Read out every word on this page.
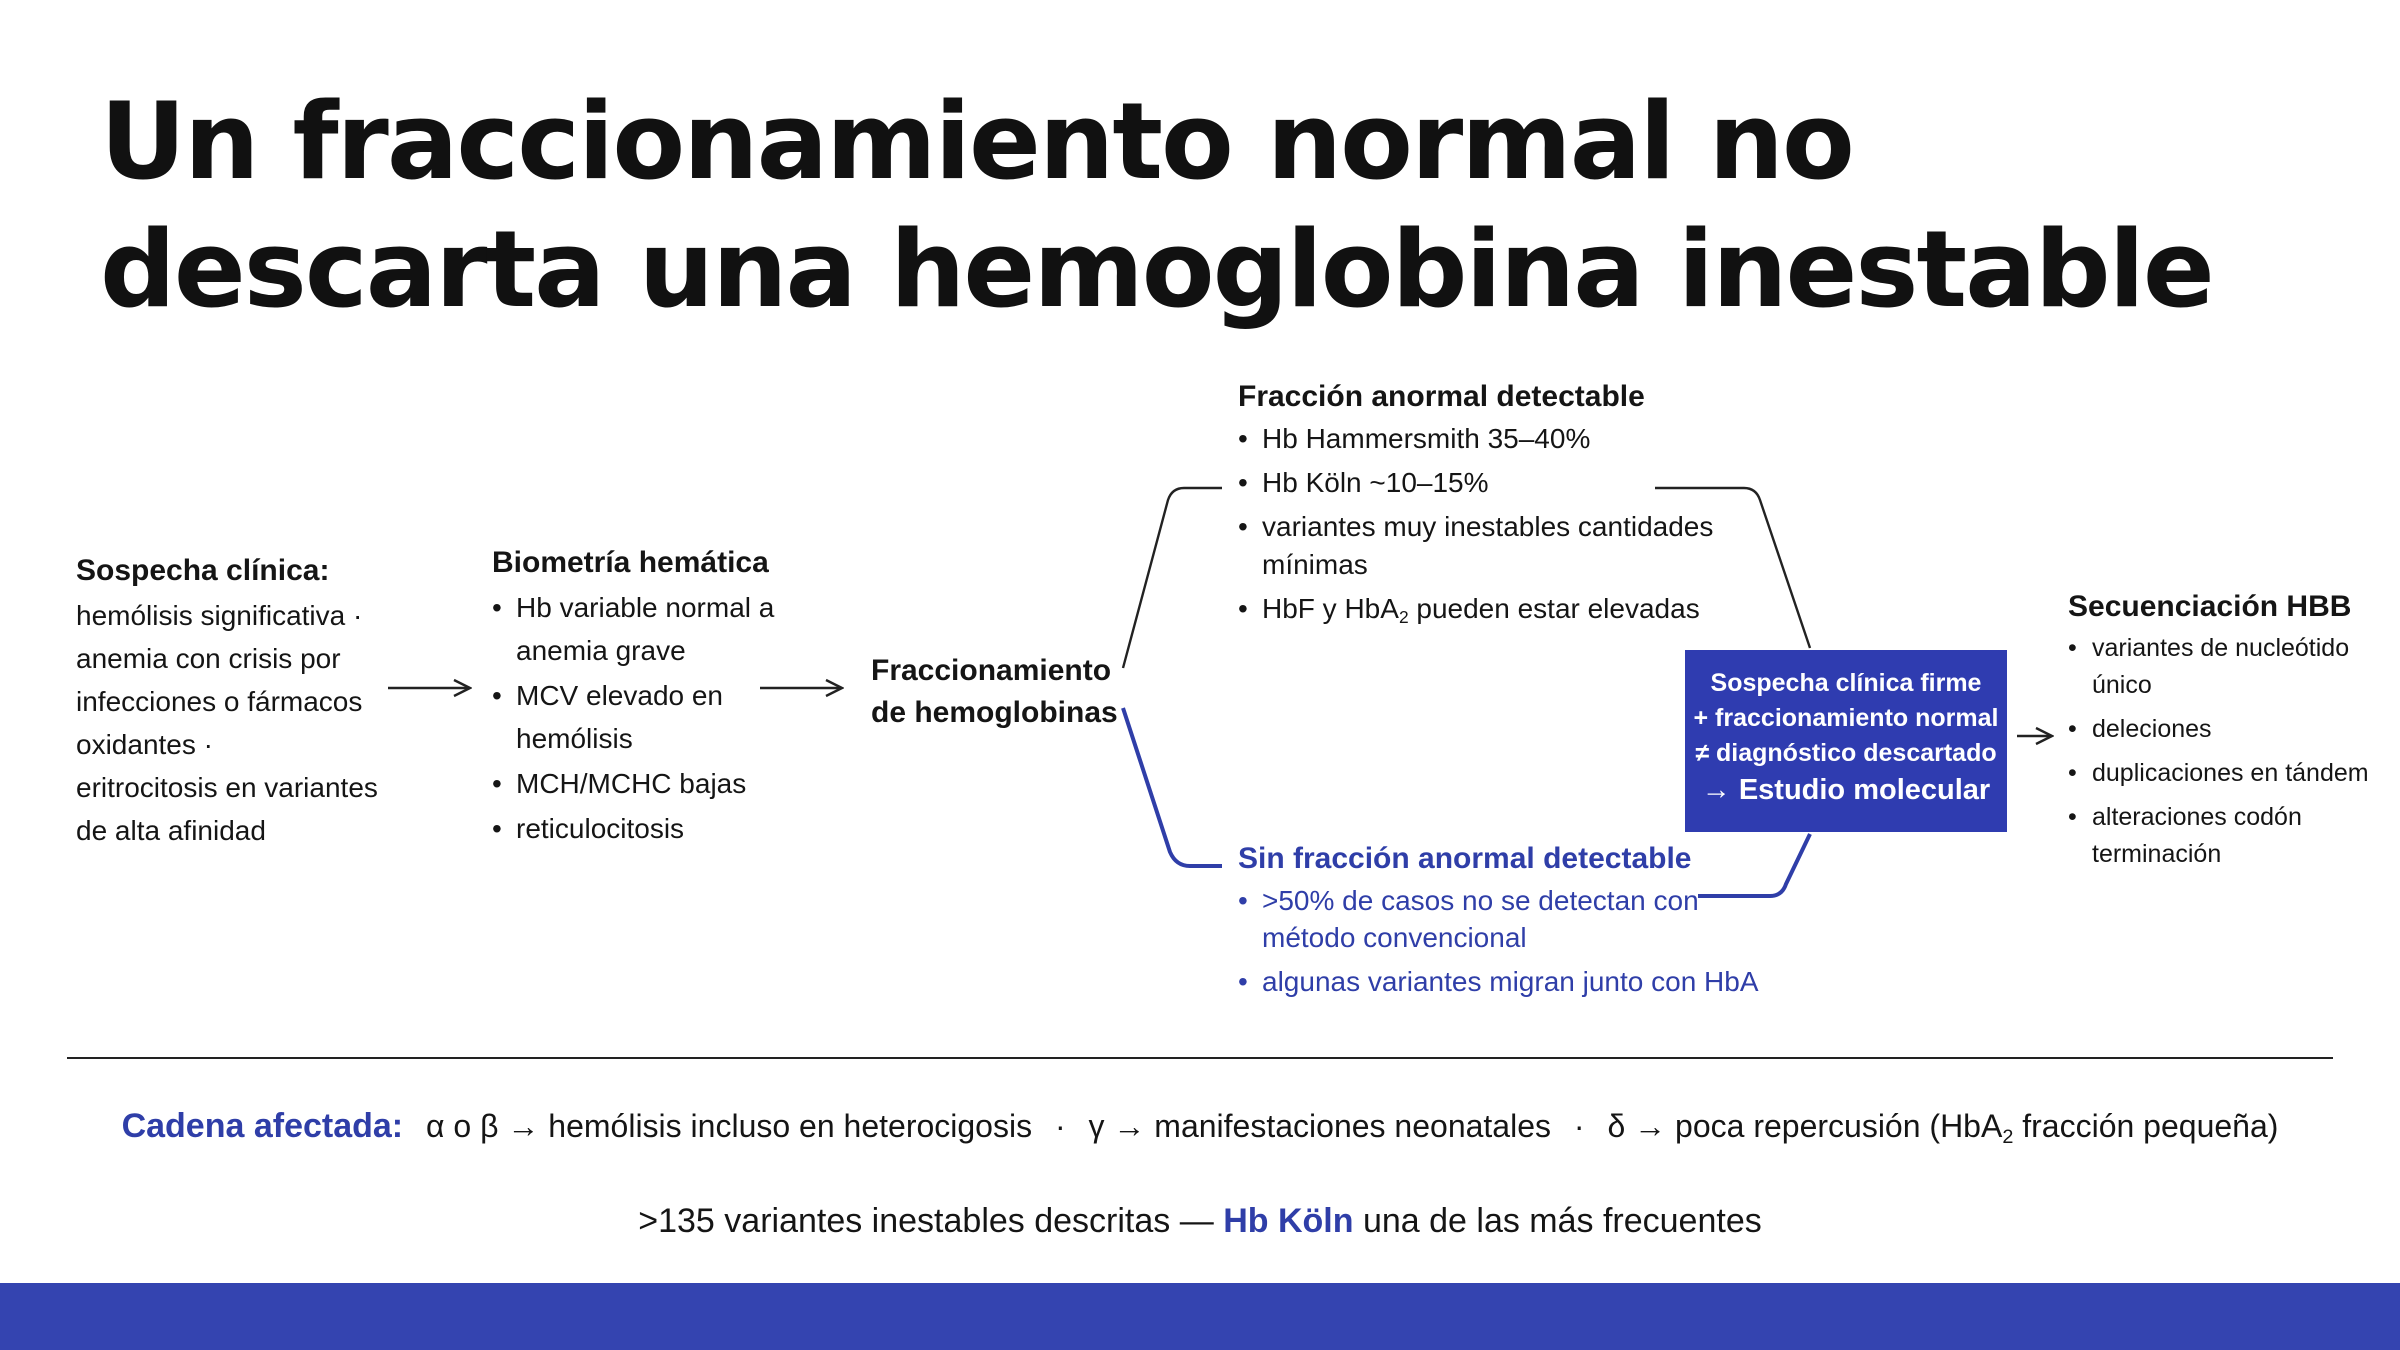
Un fraccionamiento normal no
descarta una hemoglobina inestable
Sospecha clínica:
hemólisis significativa ·
anemia con crisis por
infecciones o fármacos
oxidantes ·
eritrocitosis en variantes
de alta afinidad
Biometría hemática
• Hb variable normal a anemia grave
• MCV elevado en hemólisis
• MCH/MCHC bajas
• reticulocitosis
Fraccionamiento
de hemoglobinas
Fracción anormal detectable
• Hb Hammersmith 35–40%
• Hb Köln ~10–15%
• variantes muy inestables cantidades mínimas
• HbF y HbA$_2$ pueden estar elevadas
Sin fracción anormal detectable
• >50% de casos no se detectan con método convencional
• algunas variantes migran junto con HbA
Sospecha clínica firme
+ fraccionamiento normal
≠ diagnóstico descartado
→ Estudio molecular
Secuenciación HBB
• variantes de nucleótido único
• deleciones
• duplicaciones en tándem
• alteraciones codón terminación
Cadena afectada: α o β → hemólisis incluso en heterocigosis · γ → manifestaciones neonatales · δ → poca repercusión (HbA$_2$ fracción pequeña)
>135 variantes inestables descritas — Hb Köln una de las más frecuentes
